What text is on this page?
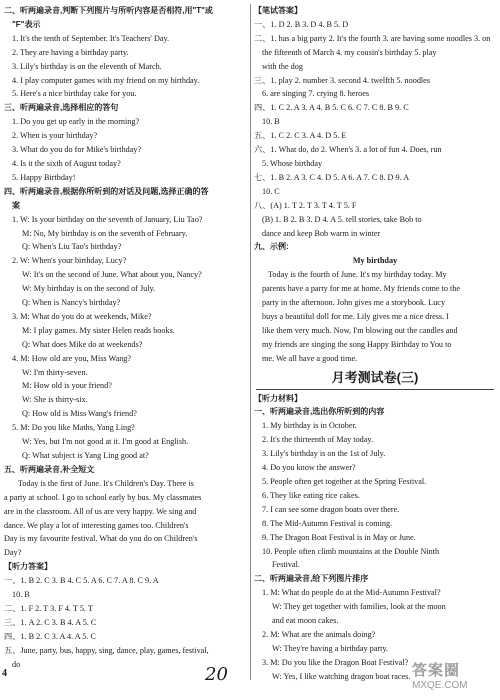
二、听两遍录音,判断下列图片与所听内容是否相符,用"T"或
"F"表示
1. It's the tenth of September. It's Teachers' Day.
2. They are having a birthday party.
3. Lily's birthday is on the eleventh of March.
4. I play computer games with my friend on my birthday.
5. Here's a nice birthday cake for you.
三、听两遍录音,选择相应的答句
1. Do you get up early in the morning?
2. When is your birthday?
3. What do you do for Mike's birthday?
4. Is it the sixth of August today?
5. Happy Birthday!
四、听两遍录音,根据你所听到的对话及问题,选择正确的答
案
1. W: Is your birthday on the seventh of January, Liu Tao?
M: No, My birthday is on the seventh of February.
Q: When's Liu Tao's birthday?
2. W: When's your birthday, Lucy?
W: It's on the second of June. What about you, Nancy?
W: My birthday is on the second of July.
Q: When is Nancy's birthday?
3. M: What do you do at weekends, Mike?
M: I play games. My sister Helen reads books.
Q: What does Mike do at weekends?
4. M: How old are you, Miss Wang?
W: I'm thirty-seven.
M: How old is your friend?
W: She is thirty-six.
Q: How old is Miss Wang's friend?
5. M: Do you like Maths, Yang Ling?
W: Yes, but I'm not good at it. I'm good at English.
Q: What subject is Yang Ling good at?
五、听两遍录音,补全短文
Today is the first of June. It's Children's Day. There is
a party at school. I go to school early by bus. My classmates
are in the classroom. All of us are very happy. We sing and
dance. We play a lot of interesting games too. Children's
Day is my favourite festival. What do you do on Children's
Day?
【听力答案】
一、1. B 2. C 3. B 4. C 5. A 6. C 7. A 8. C 9. A
10. B
二、1. F 2. T 3. F 4. T 5. T
三、1. A 2. C 3. B 4. A 5. C
四、1. B 2. C 3. A 4. A 5. C
五、June, party, bus, happy, sing, dance, play, games, festival,
do
【笔试答案】
一、1. D 2. B 3. D 4. B 5. D
二、1. has a big party 2. It's the fourth 3. are having some noodles 3. on
the fifteenth of March 4. my cousin's birthday 5. play
with the dog
三、1. play 2. number 3. second 4. twelfth 5. noodles
6. are singing 7. crying 8. heroes
四、1. C 2. A 3. A 4. B 5. C 6. C 7. C 8. B 9. C
10. B
五、1. C 2. C 3. A 4. D 5. E
六、1. What do, do 2. When's 3. a lot of fun 4. Does, run
5. Whose birthday
七、1. B 2. A 3. C 4. D 5. A 6. A 7. C 8. D 9. A
10. C
八、(A) 1. T 2. T 3. T 4. T 5. F
(B) 1. B 2. B 3. D 4. A 5. tell stories, take Bob to
dance and keep Bob warm in winter
九、示例:
My birthday
Today is the fourth of June. It's my birthday today. My
parents have a party for me at home. My friends come to the
party in the afternoon. John gives me a storybook. Lucy
buys a beautiful doll for me. Lily gives me a nice dress. I
like them very much. Now, I'm blowing out the candles and
my friends are singing the song Happy Birthday to You to
me. We all have a good time.
月考测试卷(三)
【听力材料】
一、听两遍录音,选出你所听到的内容
1. My birthday is in October.
2. It's the thirteenth of May today.
3. Lily's birthday is on the 1st of July.
4. Do you know the answer?
5. People often get together at the Spring Festival.
6. They like eating rice cakes.
7. I can see some dragon boats over there.
8. The Mid-Autumn Festival is coming.
9. The Dragon Boat Festival is in May or June.
10. People often climb mountains at the Double Ninth
Festival.
二、听两遍录音,给下列图片排序
1. M: What do people do at the Mid-Autumn Festival?
W: They get together with families, look at the moon
and eat moon cakes.
2. M: What are the animals doing?
W: They're having a birthday party.
3. M: Do you like the Dragon Boat Festival?
W: Yes, I like watching dragon boat races.
4	20	答案圈
MXQE.COM
